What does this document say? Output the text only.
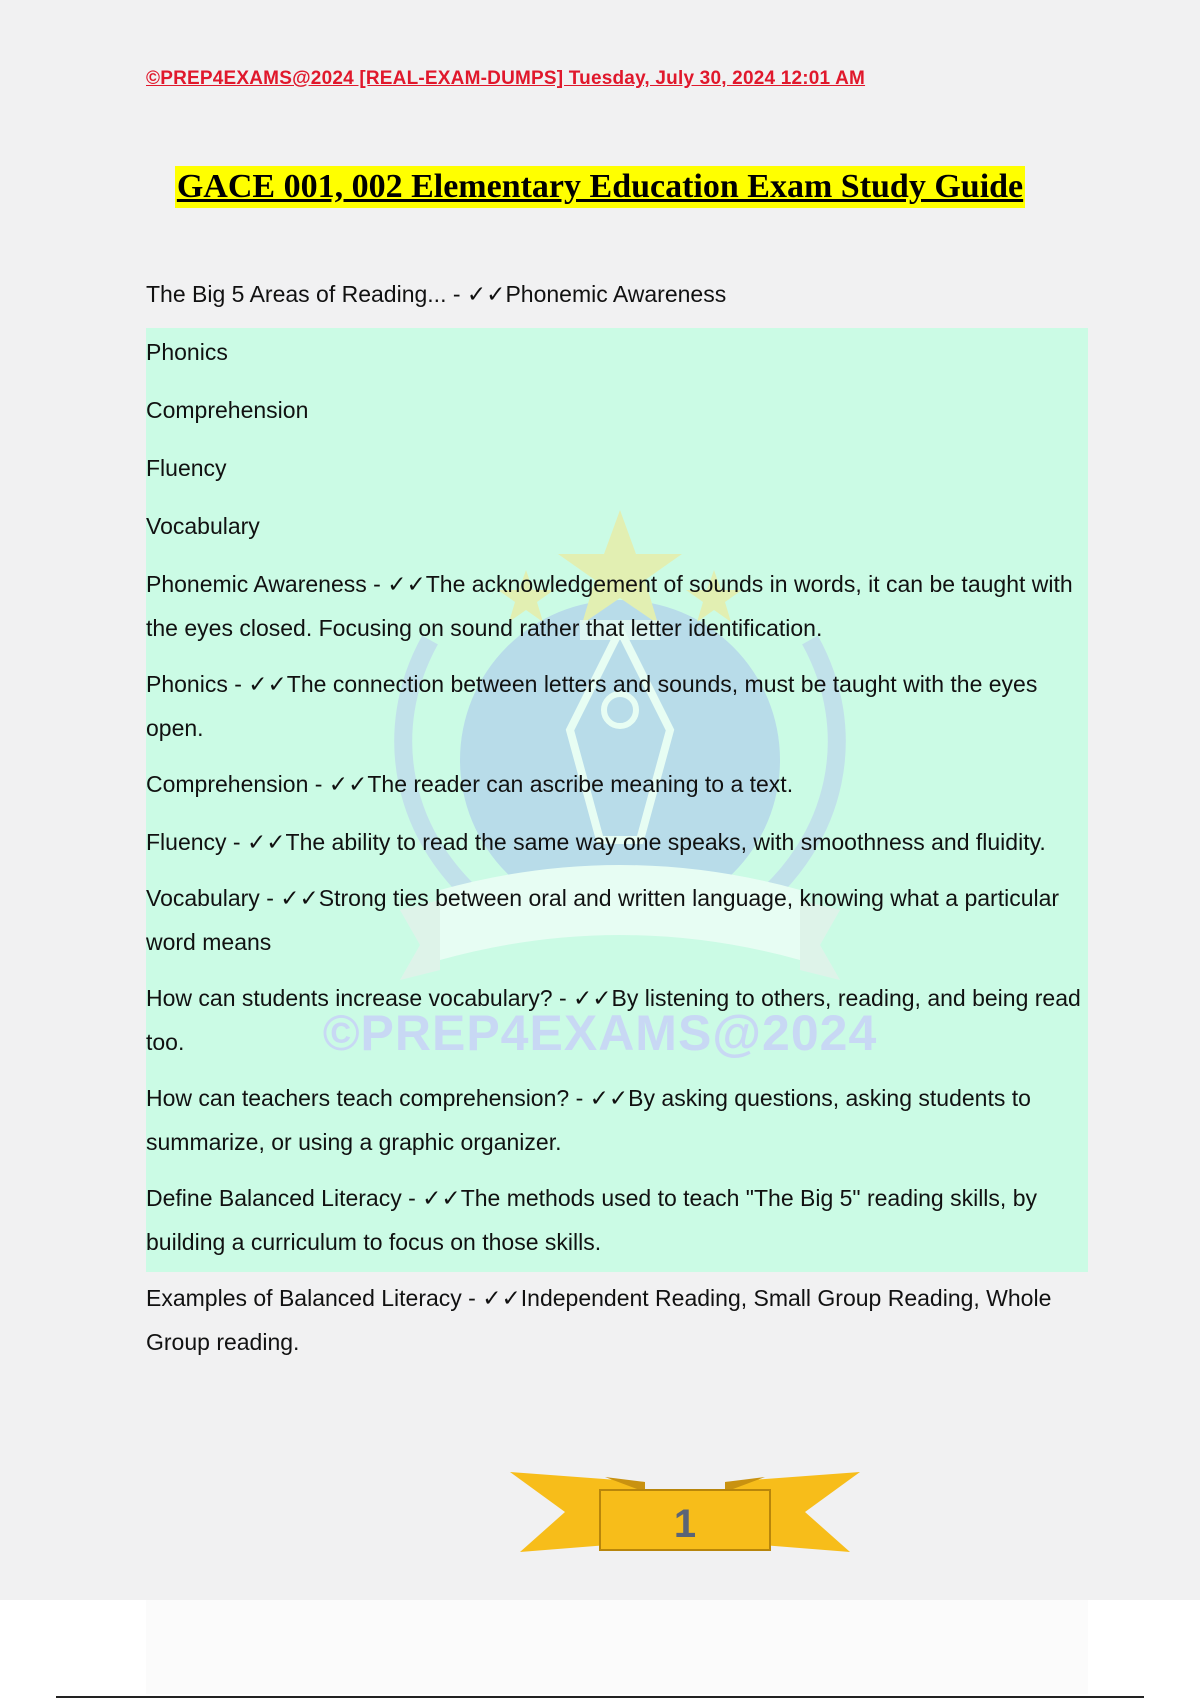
©PREP4EXAMS@2024 [REAL-EXAM-DUMPS] Tuesday, July 30, 2024 12:01 AM
GACE 001, 002 Elementary Education Exam Study Guide
©PREP4EXAMS@2024

The Big 5 Areas of Reading... - ✓✓Phonemic Awareness

Phonics

Comprehension

Fluency

Vocabulary

Phonemic Awareness - ✓✓The acknowledgement of sounds in words, it can be taught with the eyes closed. Focusing on sound rather that letter identification.

Phonics - ✓✓The connection between letters and sounds, must be taught with the eyes open.

Comprehension - ✓✓The reader can ascribe meaning to a text.

Fluency - ✓✓The ability to read the same way one speaks, with smoothness and fluidity.

Vocabulary - ✓✓Strong ties between oral and written language, knowing what a particular word means

How can students increase vocabulary? - ✓✓By listening to others, reading, and being read too.

How can teachers teach comprehension? - ✓✓By asking questions, asking students to summarize, or using a graphic organizer.

Define Balanced Literacy - ✓✓The methods used to teach "The Big 5" reading skills, by building a curriculum to focus on those skills.

Examples of Balanced Literacy - ✓✓Independent Reading, Small Group Reading, Whole Group reading.

1
